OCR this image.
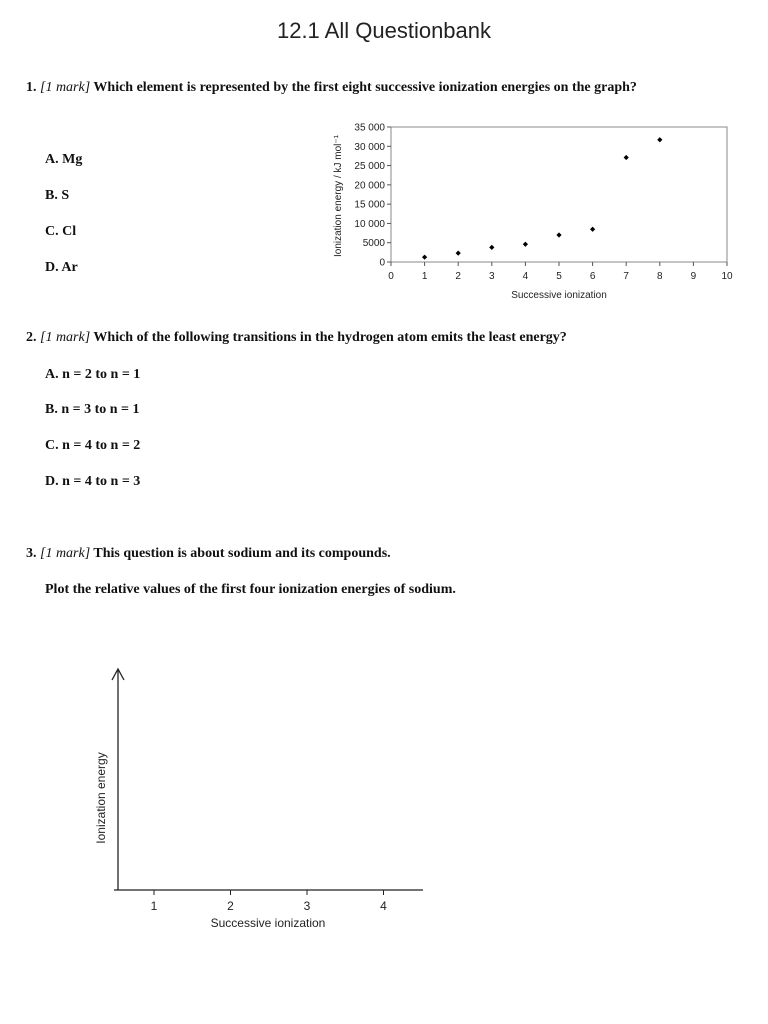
12.1 All Questionbank
1. [1 mark] Which element is represented by the first eight successive ionization energies on the graph?
A. Mg
B. S
C. Cl
D. Ar	0
5000
10 000
15 000
20 000
25 000
30 000
35 000
0	1	2	3	4	5	6	7	8	9	10
Successive ionization
Ionization energy / kJ mol⁻¹
2. [1 mark] Which of the following transitions in the hydrogen atom emits the least energy?
A. n = 2 to n = 1
B. n = 3 to n = 1
C. n = 4 to n = 2
D. n = 4 to n = 3
3. [1 mark] This question is about sodium and its compounds.
Plot the relative values of the first four ionization energies of sodium.
1	2	3	4
Successive ionization
Ionization energy
